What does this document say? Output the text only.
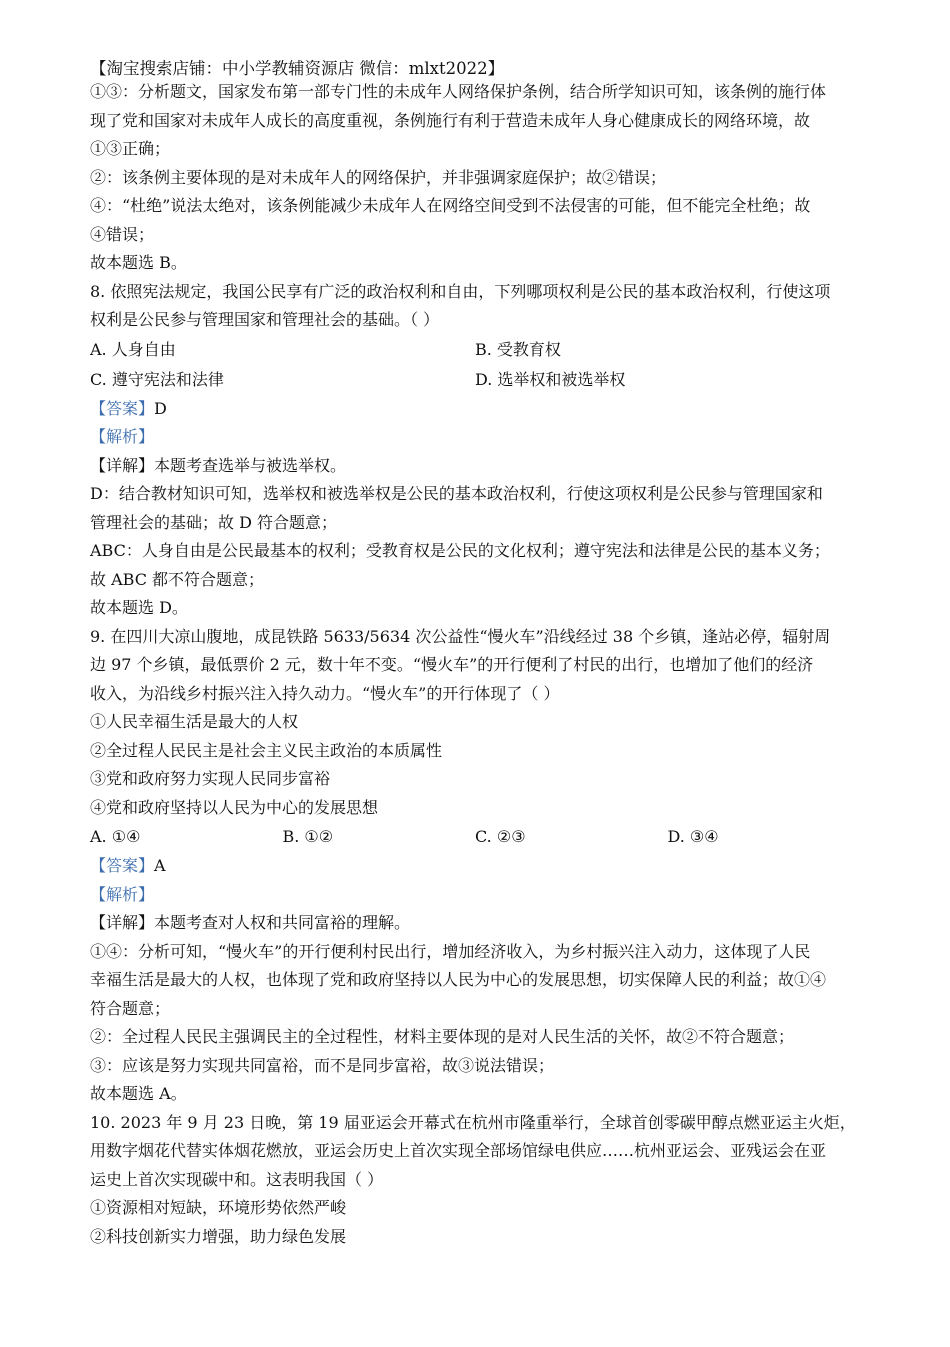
【淘宝搜索店铺：中小学教辅资源店 微信：mlxt2022】
①③：分析题文，国家发布第一部专门性的未成年人网络保护条例，结合所学知识可知，该条例的施行体
现了党和国家对未成年人成长的高度重视，条例施行有利于营造未成年人身心健康成长的网络环境，故
①③正确；
②：该条例主要体现的是对未成年人的网络保护，并非强调家庭保护；故②错误；
④：“杜绝”说法太绝对，该条例能减少未成年人在网络空间受到不法侵害的可能，但不能完全杜绝；故
④错误；
故本题选 B。
8. 依照宪法规定，我国公民享有广泛的政治权利和自由，下列哪项权利是公民的基本政治权利，行使这项
权利是公民参与管理国家和管理社会的基础。（ ）
A. 人身自由	B. 受教育权
C. 遵守宪法和法律	D. 选举权和被选举权
【答案】D
【解析】
【详解】本题考查选举与被选举权。
D：结合教材知识可知，选举权和被选举权是公民的基本政治权利，行使这项权利是公民参与管理国家和
管理社会的基础；故 D 符合题意；
ABC：人身自由是公民最基本的权利；受教育权是公民的文化权利；遵守宪法和法律是公民的基本义务；
故 ABC 都不符合题意；
故本题选 D。
9. 在四川大凉山腹地，成昆铁路 5633/5634 次公益性“慢火车”沿线经过 38 个乡镇，逢站必停，辐射周
边 97 个乡镇，最低票价 2 元，数十年不变。“慢火车”的开行便利了村民的出行，也增加了他们的经济
收入，为沿线乡村振兴注入持久动力。“慢火车”的开行体现了（ ）
①人民幸福生活是最大的人权
②全过程人民民主是社会主义民主政治的本质属性
③党和政府努力实现人民同步富裕
④党和政府坚持以人民为中心的发展思想
A. ①④	B. ①②	C. ②③	D. ③④
【答案】A
【解析】
【详解】本题考查对人权和共同富裕的理解。
①④：分析可知，“慢火车”的开行便利村民出行，增加经济收入，为乡村振兴注入动力，这体现了人民
幸福生活是最大的人权，也体现了党和政府坚持以人民为中心的发展思想，切实保障人民的利益；故①④
符合题意；
②：全过程人民民主强调民主的全过程性，材料主要体现的是对人民生活的关怀，故②不符合题意；
③：应该是努力实现共同富裕，而不是同步富裕，故③说法错误；
故本题选 A。
10. 2023 年 9 月 23 日晚，第 19 届亚运会开幕式在杭州市隆重举行，全球首创零碳甲醇点燃亚运主火炬，
用数字烟花代替实体烟花燃放，亚运会历史上首次实现全部场馆绿电供应……杭州亚运会、亚残运会在亚
运史上首次实现碳中和。这表明我国（ ）
①资源相对短缺，环境形势依然严峻
②科技创新实力增强，助力绿色发展
